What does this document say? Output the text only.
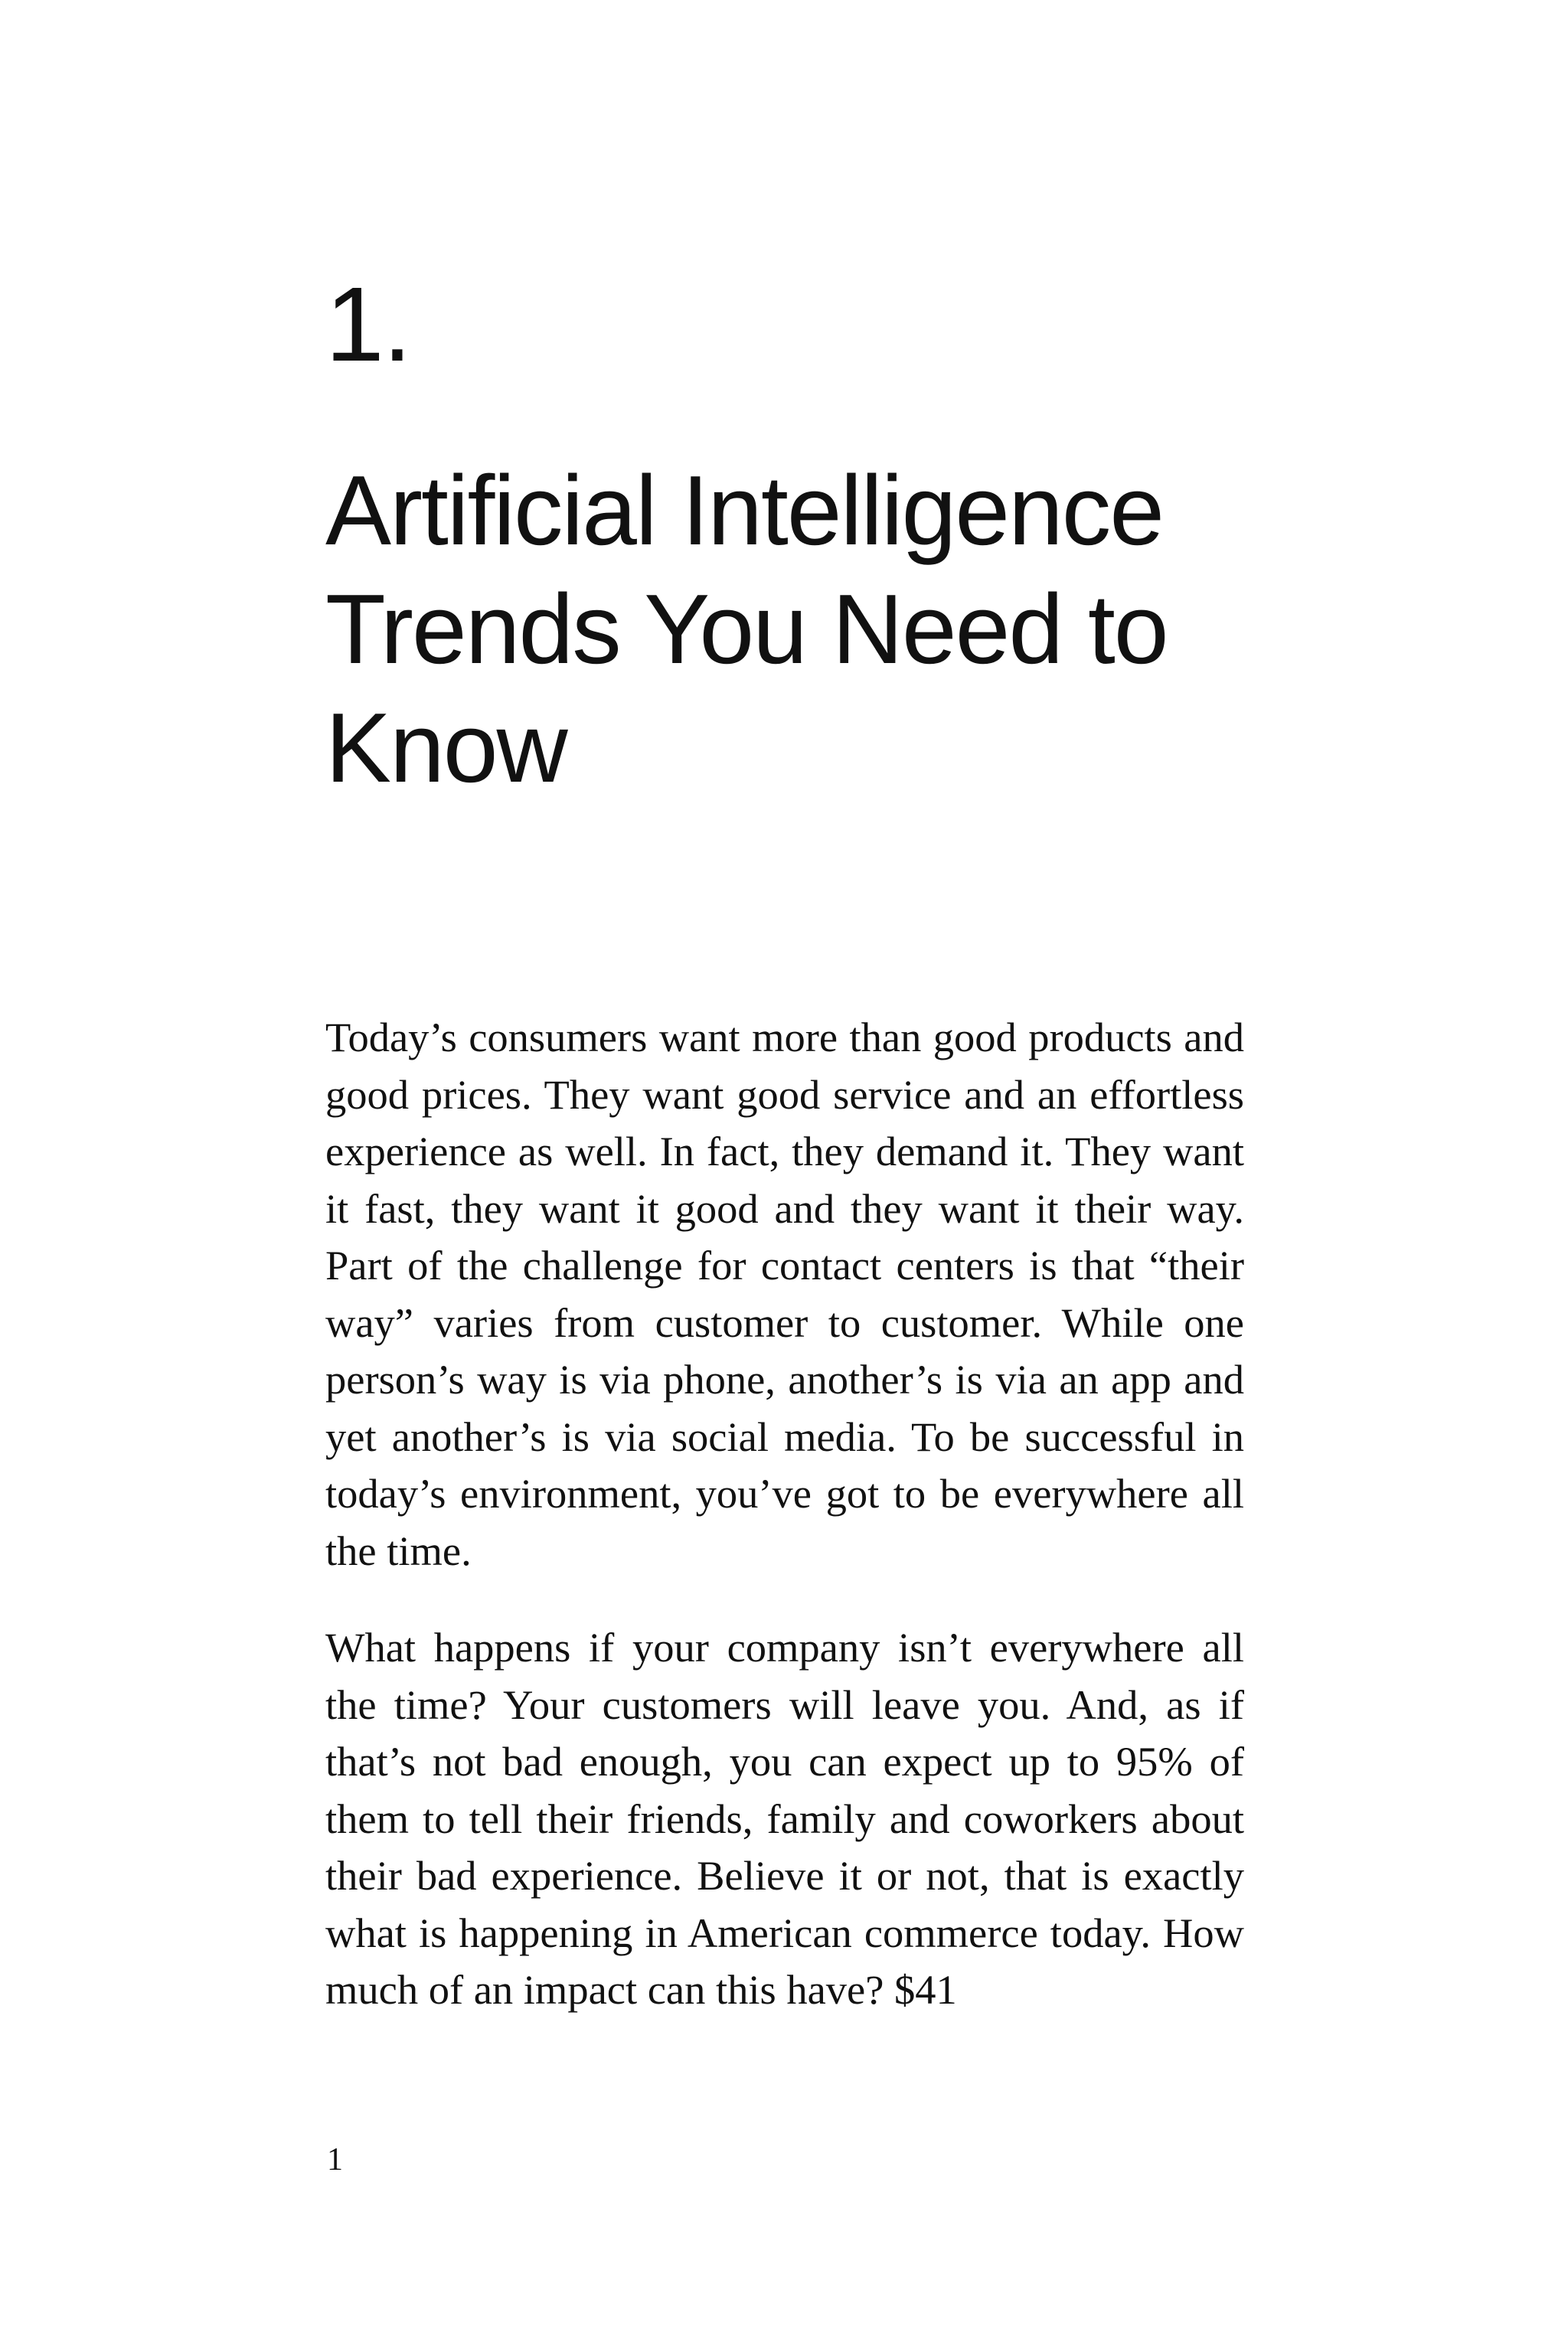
1.
Artificial Intelligence Trends You Need to Know

Today’s consumers want more than good products and good prices. They want good service and an effortless experience as well. In fact, they demand it. They want it fast, they want it good and they want it their way. Part of the challenge for contact centers is that “their way” varies from customer to customer. While one person’s way is via phone, another’s is via an app and yet another’s is via social media. To be successful in today’s environment, you’ve got to be everywhere all the time.

What happens if your company isn’t everywhere all the time? Your customers will leave you. And, as if that’s not bad enough, you can expect up to 95% of them to tell their friends, family and coworkers about their bad experience. Believe it or not, that is exactly what is happening in American commerce today. How much of an impact can this have? $41

1
